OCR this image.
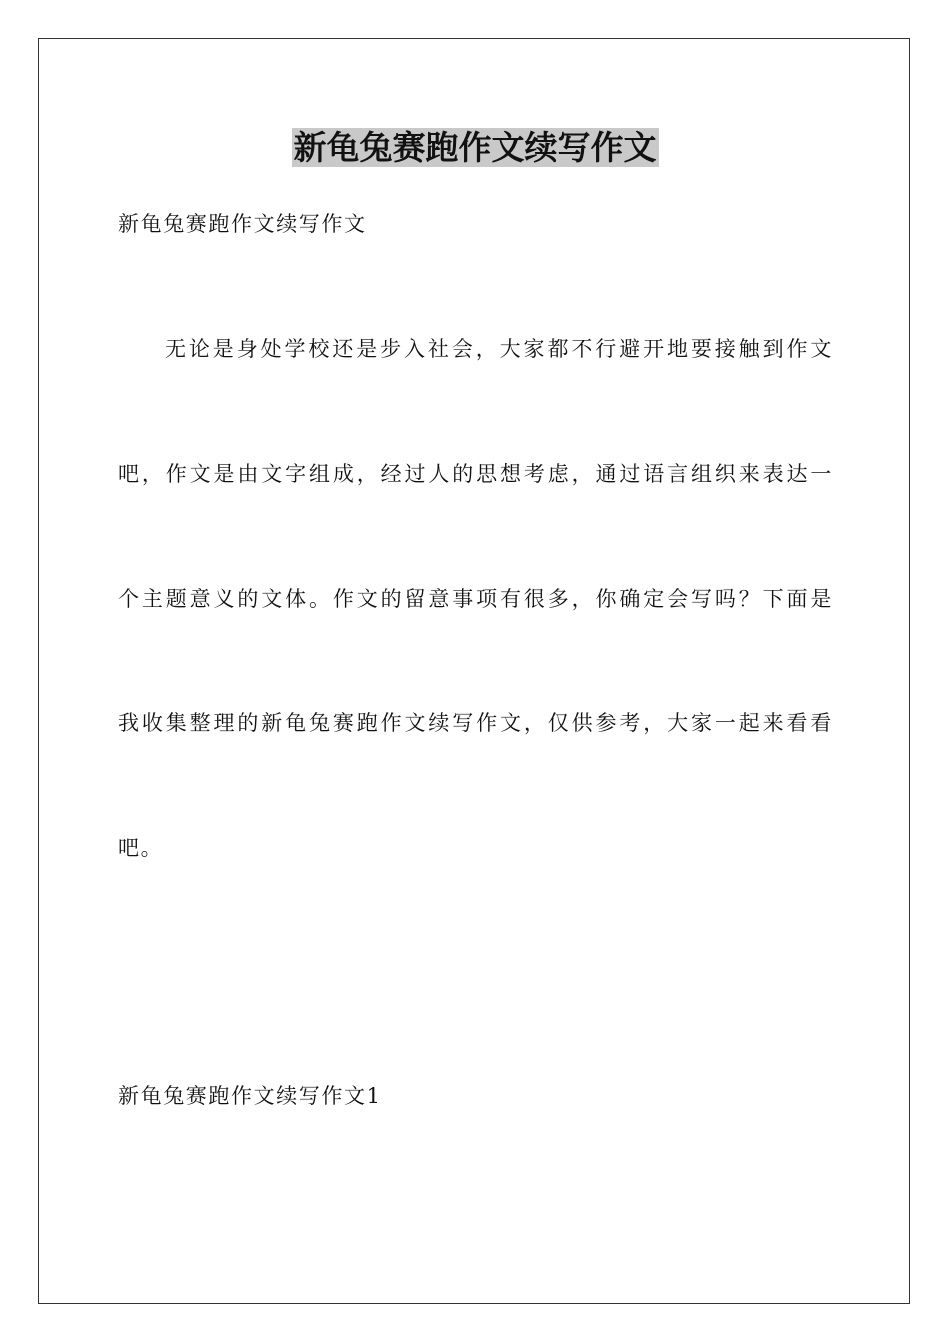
新龟兔赛跑作文续写作文

新龟兔赛跑作文续写作文

无论是身处学校还是步入社会，大家都不行避开地要接触到作文

吧，作文是由文字组成，经过人的思想考虑，通过语言组织来表达一

个主题意义的文体。作文的留意事项有很多，你确定会写吗？下面是

我收集整理的新龟兔赛跑作文续写作文，仅供参考，大家一起来看看

吧。

新龟兔赛跑作文续写作文1
